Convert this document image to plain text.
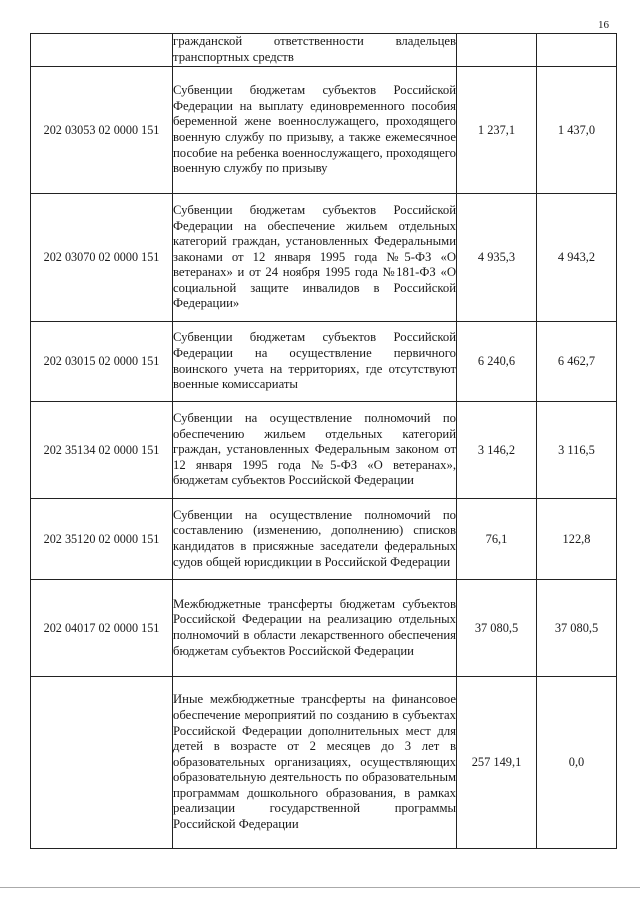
16
	гражданской ответственности владельцев транспортных средств		
202 03053 02 0000 151	Субвенции бюджетам субъектов Российской Федерации на выплату единовременного пособия беременной жене военнослужащего, проходящего военную службу по призыву, а также ежемесячное пособие на ребенка военнослужащего, проходящего военную службу по призыву	1 237,1	1 437,0
202 03070 02 0000 151	Субвенции бюджетам субъектов Российской Федерации на обеспечение жильем отдельных категорий граждан, установленных Федеральными законами от 12 января 1995 года №5-ФЗ «О ветеранах» и от 24 ноября 1995 года №181-ФЗ «О социальной защите инвалидов в Российской Федерации»	4 935,3	4 943,2
202 03015 02 0000 151	Субвенции бюджетам субъектов Российской Федерации на осуществление первичного воинского учета на территориях, где отсутствуют военные комиссариаты	6 240,6	6 462,7
202 35134 02 0000 151	Субвенции на осуществление полномочий по обеспечению жильем отдельных категорий граждан, установленных Федеральным законом от 12 января 1995 года №5-ФЗ «О ветеранах», бюджетам субъектов Российской Федерации	3 146,2	3 116,5
202 35120 02 0000 151	Субвенции на осуществление полномочий по составлению (изменению, дополнению) списков кандидатов в присяжные заседатели федеральных судов общей юрисдикции в Российской Федерации	76,1	122,8
202 04017 02 0000 151	Межбюджетные трансферты бюджетам субъектов Российской Федерации на реализацию отдельных полномочий в области лекарственного обеспечения бюджетам субъектов Российской Федерации	37 080,5	37 080,5
	Иные межбюджетные трансферты на финансовое обеспечение мероприятий по созданию в субъектах Российской Федерации дополнительных мест для детей в возрасте от 2 месяцев до 3 лет в образовательных организациях, осуществляющих образовательную деятельность по образовательным программам дошкольного образования, в рамках реализации государственной программы Российской Федерации	257 149,1	0,0
